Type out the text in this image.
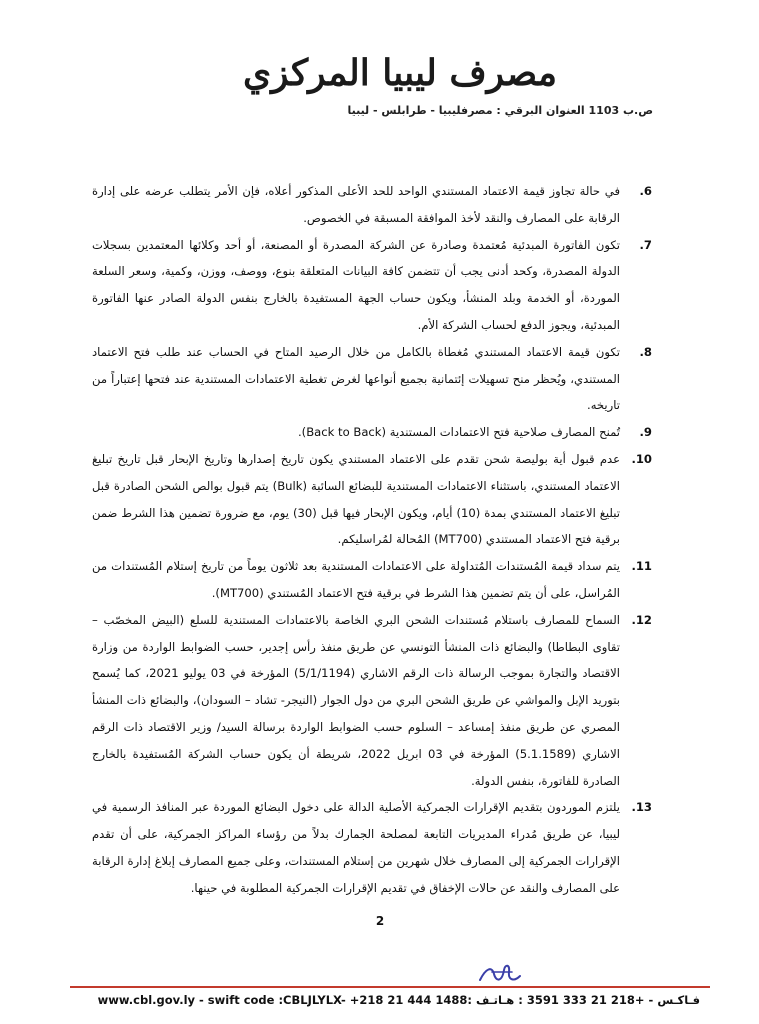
مصرف ليبيا المركزي
ص.ب 1103 العنوان البرقي : مصرفليبيا - طرابلس - ليبيا
.6
في حالة تجاوز قيمة الاعتماد المستندي الواحد للحد الأعلى المذكور أعلاه، فإن الأمر يتطلب عرضه على إدارة الرقابة على المصارف والنقد لأخذ الموافقة المسبقة في الخصوص.
.7
تكون الفاتورة المبدئية مُعتمدة وصادرة عن الشركة المصدرة أو المصنعة، أو أحد وكلائها المعتمدين بسجلات الدولة المصدرة، وكحد أدنى يجب أن تتضمن كافة البيانات المتعلقة بنوع، ووصف، ووزن، وكمية، وسعر السلعة الموردة، أو الخدمة وبلد المنشأ، ويكون حساب الجهة المستفيدة بالخارج بنفس الدولة الصادر عنها الفاتورة المبدئية، ويجوز الدفع لحساب الشركة الأم.
.8
تكون قيمة الاعتماد المستندي مُغطاة بالكامل من خلال الرصيد المتاح في الحساب عند طلب فتح الاعتماد المستندي، ويُحظر منح تسهيلات إئتمانية بجميع أنواعها لغرض تغطية الاعتمادات المستندية عند فتحها إعتباراً من تاريخه.
.9
تُمنح المصارف صلاحية فتح الاعتمادات المستندية (Back to Back).
.10
عدم قبول أية بوليصة شحن تقدم على الاعتماد المستندي يكون تاريخ إصدارها وتاريخ الإبحار قبل تاريخ تبليغ الاعتماد المستندي، باستثناء الاعتمادات المستندية للبضائع السائبة (Bulk) يتم قبول بوالص الشحن الصادرة قبل تبليغ الاعتماد المستندي بمدة (10) أيام، ويكون الإبحار فيها قبل (30) يوم، مع ضرورة تضمين هذا الشرط ضمن برقية فتح الاعتماد المستندي (MT700) المُحالة لمُراسليكم.
.11
يتم سداد قيمة المُستندات المُتداولة على الاعتمادات المستندية بعد ثلاثون يوماً من تاريخ إستلام المُستندات من المُراسل، على أن يتم تضمين هذا الشرط في برقية فتح الاعتماد المُستندي (MT700).
.12
السماح للمصارف باستلام مُستندات الشحن البري الخاصة بالاعتمادات المستندية للسلع (البيض المخصّب – تقاوى البطاطا) والبضائع ذات المنشأ التونسي عن طريق منفذ رأس إجدير، حسب الضوابط الواردة من وزارة الاقتصاد والتجارة بموجب الرسالة ذات الرقم الاشاري (5/1/1194) المؤرخة في 03 يوليو 2021، كما يُسمح بتوريد الإبل والمواشي عن طريق الشحن البري من دول الجوار (النيجر- تشاد – السودان)، والبضائع ذات المنشأ المصري عن طريق منفذ إمساعد – السلوم حسب الضوابط الواردة برسالة السيد/ وزير الاقتصاد ذات الرقم الاشاري (5.1.1589) المؤرخة في 03 ابريل 2022، شريطة أن يكون حساب الشركة المُستفيدة بالخارج الصادرة للفاتورة، بنفس الدولة.
.13
يلتزم الموردون بتقديم الإقرارات الجمركية الأصلية الدالة على دخول البضائع الموردة عبر المنافذ الرسمية في ليبيا، عن طريق مُدراء المديريات التابعة لمصلحة الجمارك بدلاً من رؤساء المراكز الجمركية، على أن تقدم الإقرارات الجمركية إلى المصارف خلال شهرين من إستلام المستندات، وعلى جميع المصارف إبلاغ إدارة الرقابة على المصارف والنقد عن حالات الإخفاق في تقديم الإقرارات الجمركية المطلوبة في حينها.
2
www.cbl.gov.ly - swift code :CBLJLYLX- +218 21 444 1488: فـاكـس - +218 21 333 3591 : هـاتـف
